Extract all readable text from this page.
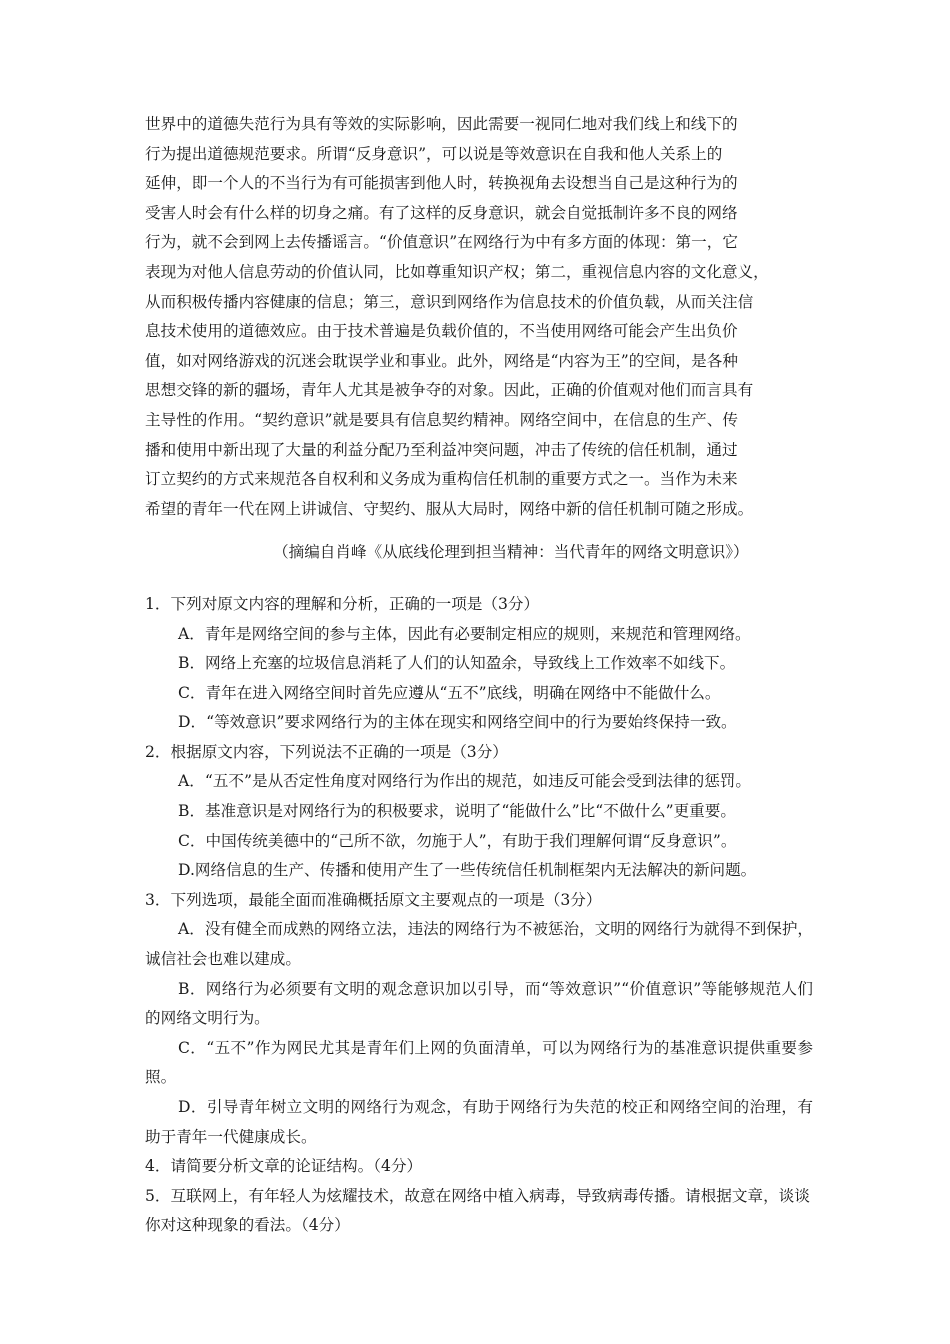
世界中的道德失范行为具有等效的实际影响，因此需要一视同仁地对我们线上和线下的

行为提出道德规范要求。所谓“反身意识”，可以说是等效意识在自我和他人关系上的

延伸，即一个人的不当行为有可能损害到他人时，转换视角去设想当自己是这种行为的

受害人时会有什么样的切身之痛。有了这样的反身意识，就会自觉抵制许多不良的网络

行为，就不会到网上去传播谣言。“价值意识”在网络行为中有多方面的体现：第一，它

表现为对他人信息劳动的价值认同，比如尊重知识产权；第二，重视信息内容的文化意义，

从而积极传播内容健康的信息；第三，意识到网络作为信息技术的价值负载，从而关注信

息技术使用的道德效应。由于技术普遍是负载价值的，不当使用网络可能会产生出负价

值，如对网络游戏的沉迷会耽误学业和事业。此外，网络是“内容为王”的空间，是各种

思想交锋的新的疆场，青年人尤其是被争夺的对象。因此，正确的价值观对他们而言具有

主导性的作用。“契约意识”就是要具有信息契约精神。网络空间中，在信息的生产、传

播和使用中新出现了大量的利益分配乃至利益冲突问题，冲击了传统的信任机制，通过

订立契约的方式来规范各自权利和义务成为重构信任机制的重要方式之一。当作为未来

希望的青年一代在网上讲诚信、守契约、服从大局时，网络中新的信任机制可随之形成。

（摘编自肖峰《从底线伦理到担当精神：当代青年的网络文明意识》）

1．下列对原文内容的理解和分析，正确的一项是（3分）

A．青年是网络空间的参与主体，因此有必要制定相应的规则，来规范和管理网络。

B．网络上充塞的垃圾信息消耗了人们的认知盈余，导致线上工作效率不如线下。

C．青年在进入网络空间时首先应遵从“五不”底线，明确在网络中不能做什么。

D．“等效意识”要求网络行为的主体在现实和网络空间中的行为要始终保持一致。

2．根据原文内容，下列说法不正确的一项是（3分）

A．“五不”是从否定性角度对网络行为作出的规范，如违反可能会受到法律的惩罚。

B．基准意识是对网络行为的积极要求，说明了“能做什么”比“不做什么”更重要。

C．中国传统美德中的“己所不欲，勿施于人”，有助于我们理解何谓“反身意识”。

D.网络信息的生产、传播和使用产生了一些传统信任机制框架内无法解决的新问题。

3．下列选项，最能全面而准确概括原文主要观点的一项是（3分）

A．没有健全而成熟的网络立法，违法的网络行为不被惩治，文明的网络行为就得不到保护，诚信社会也难以建成。

B．网络行为必须要有文明的观念意识加以引导，而“等效意识”“价值意识”等能够规范人们的网络文明行为。

C．“五不”作为网民尤其是青年们上网的负面清单，可以为网络行为的基准意识提供重要参照。

D．引导青年树立文明的网络行为观念，有助于网络行为失范的校正和网络空间的治理，有助于青年一代健康成长。

4．请简要分析文章的论证结构。（4分）

5．互联网上，有年轻人为炫耀技术，故意在网络中植入病毒，导致病毒传播。请根据文章，谈谈你对这种现象的看法。（4分）
